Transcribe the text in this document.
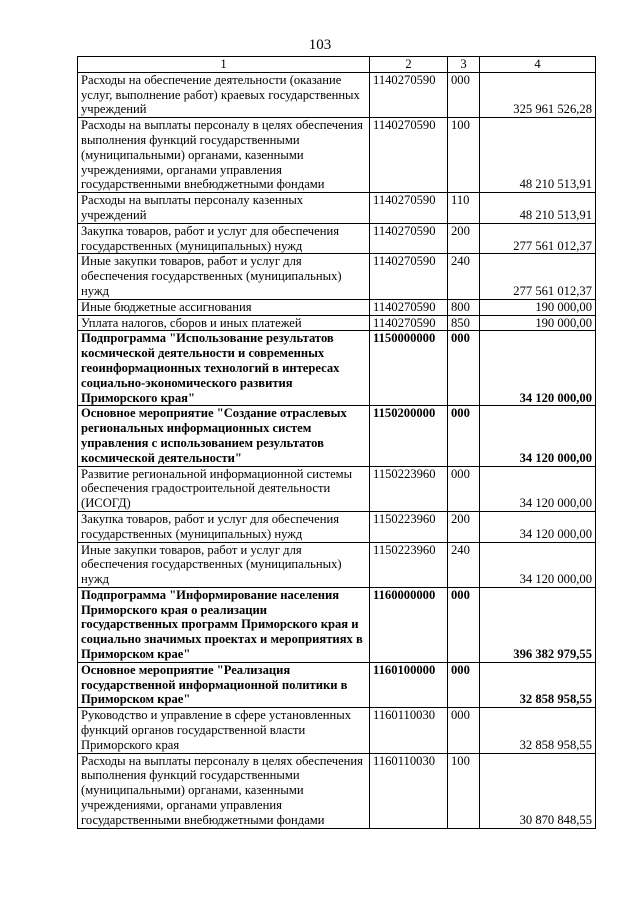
103
1	2	3	4
Расходы на обеспечение деятельности (оказание услуг, выполнение работ) краевых государственных учреждений	1140270590	000	325 961 526,28
Расходы на выплаты персоналу в целях обеспечения выполнения функций государственными (муниципальными) органами, казенными учреждениями, органами управления государственными внебюджетными фондами	1140270590	100	48 210 513,91
Расходы на выплаты персоналу казенных учреждений	1140270590	110	48 210 513,91
Закупка товаров, работ и услуг для обеспечения государственных (муниципальных) нужд	1140270590	200	277 561 012,37
Иные закупки товаров, работ и услуг для обеспечения государственных (муниципальных) нужд	1140270590	240	277 561 012,37
Иные бюджетные ассигнования	1140270590	800	190 000,00
Уплата налогов, сборов и иных платежей	1140270590	850	190 000,00
Подпрограмма "Использование результатов космической деятельности и современных геоинформационных технологий в интересах социально-экономического развития Приморского края"	1150000000	000	34 120 000,00
Основное мероприятие "Создание отраслевых региональных информационных систем управления с использованием результатов космической деятельности"	1150200000	000	34 120 000,00
Развитие региональной информационной системы обеспечения градостроительной деятельности (ИСОГД)	1150223960	000	34 120 000,00
Закупка товаров, работ и услуг для обеспечения государственных (муниципальных) нужд	1150223960	200	34 120 000,00
Иные закупки товаров, работ и услуг для обеспечения государственных (муниципальных) нужд	1150223960	240	34 120 000,00
Подпрограмма "Информирование населения Приморского края о реализации государственных программ Приморского края и социально значимых проектах и мероприятиях в Приморском крае"	1160000000	000	396 382 979,55
Основное мероприятие "Реализация государственной информационной политики в Приморском крае"	1160100000	000	32 858 958,55
Руководство и управление в сфере установленных функций органов государственной власти Приморского края	1160110030	000	32 858 958,55
Расходы на выплаты персоналу в целях обеспечения выполнения функций государственными (муниципальными) органами, казенными учреждениями, органами управления государственными внебюджетными фондами	1160110030	100	30 870 848,55
